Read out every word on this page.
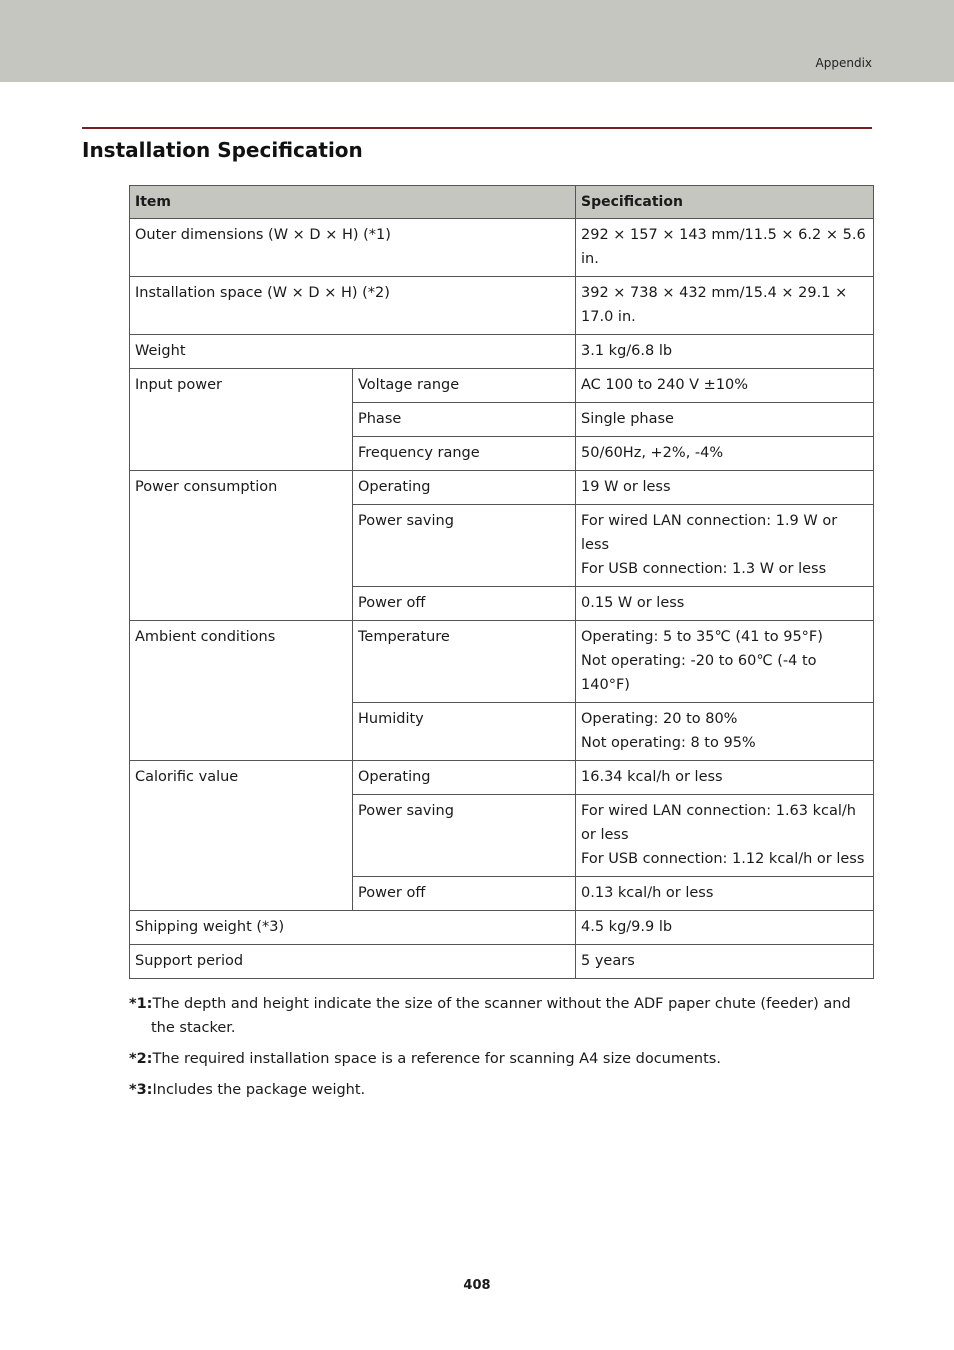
Appendix
Installation Specification
Item		Specification
Outer dimensions (W × D × H) (*1)		292 × 157 × 143 mm/11.5 × 6.2 × 5.6 in.
Installation space (W × D × H) (*2)		392 × 738 × 432 mm/15.4 × 29.1 × 17.0 in.
Weight		3.1 kg/6.8 lb
Input power	Voltage range	AC 100 to 240 V ±10%
	Phase	Single phase
	Frequency range	50/60Hz, +2%, -4%
Power consumption	Operating	19 W or less
	Power saving	For wired LAN connection: 1.9 W or less
For USB connection: 1.3 W or less

	Power off	0.15 W or less
Ambient conditions	Temperature	Operating: 5 to 35℃ (41 to 95°F)
Not operating: -20 to 60℃ (-4 to 140°F)

	Humidity	Operating: 20 to 80%
Not operating: 8 to 95%

Calorific value	Operating	16.34 kcal/h or less
	Power saving	For wired LAN connection: 1.63 kcal/h or less
For USB connection: 1.12 kcal/h or less

	Power off	0.13 kcal/h or less
Shipping weight (*3)		4.5 kg/9.9 lb
Support period		5 years

*1:The depth and height indicate the size of the scanner without the ADF paper chute (feeder) and the stacker.

*2:The required installation space is a reference for scanning A4 size documents.

*3:Includes the package weight.

408
